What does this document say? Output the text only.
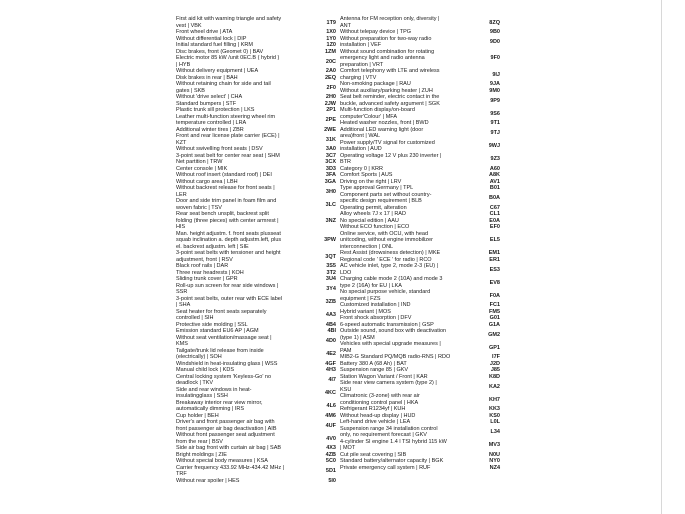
First aid kit with warning triangle and safety
vest | VBK
1T9
Front wheel drive | ATA	1X0
Without differential lock | DIP	1Y0
Initial standard fuel filling | KRM	1Z0
Disc brakes, front (Geomet 0) | BAV	1ZM
Electric motor 85 kW /unit 0EC.B ( hybrid )
| HYB
20C
Without delivery equipment | UEA	2A0
Disk brakes in rear | BAH	2EQ
Without retaining chain for side and tail
gates | SKB
2F0
Without 'drive select' | CHA	2H0
Standard bumpers | STF	2JW
Plastic trunk sill protection | LKS	2P1
Leather multi-function steering wheel rim
temperature controlled | LRA
2PE
Additional winter tires | ZBR	2WE
Front and rear license plate carrier (ECE) |
KZT
31K
Without swivelling front seats | DSV	3A0
3-point seat belt for center rear seat | SHM	3C7
Net partition | TRW	3CX
Center console | MIK	3D3
Without roof insert (standard roof) | DEI	3FA
Without cargo area | LBH	3GA
Without backrest release for front seats |
LER
3H0
Door and side trim panel in foam film and
woven fabric | TSV
3LC
Rear seat bench unsplit, backrest split
folding (three pieces) with center armrest |
HIS
3NZ
Man. height adjustm. f. front seats plusseat
squab inclination a. depth adjustm.left, plus
el. backrest adjustm. left | SIE
3PW
3-point seat belts with tensioner and height
adjustment, front | RSV
3QT
Black roof rails | DAR	3S5
Three rear headrests | KOH	3T2
Sliding trunk cover | GPR	3U4
Roll-up sun screen for rear side windows |
SSR
3Y4
3-point seat belts, outer rear with ECE label
| SHA
3ZB
Seat heater for front seats separately
controlled | SIH
4A3
Protective side molding | SSL	4B4
Emission standard EU6 AP | AGM	4BI
Without seat ventilation/massage seat |
KMS
4D0
Tailgate/trunk lid release from inside
(electrically) | SOH
4E2
Windshield in heat-insulating glass | WSS	4GF
Manual child lock | KDS	4H3
Central locking system 'Keyless-Go' no
deadlock | TKV
4I7
Side and rear windows in heat-
insulatingglass | SSH
4KC
Breakaway interior rear view mirror,
automatically dimming | IRS
4L6
Cup holder | BEH	4M6
Driver's and front passenger air bag with
front passenger air bag deactivation | AIB
4UF
Without front passenger seat adjustment
from the rear | BSV
4V0
Side air bag front with curtain air bag | SAB	4X3
Bright moldings | ZIE	4ZB
Without special body measures | KSA	5C0
Carrier frequency 433.92 MHz-434.42 MHz |
TRF
5D1
Without rear spoiler | HES	5I0
Antenna for FM reception only, diversity |
ANT
8ZQ
Without telepay device | TPG	9B0
Without preparation for two-way radio
installation | VEF
9D0
Without sound combination for rotating
emergency light and radio antenna
preparation | VRT
9F0
Comfort telephony with LTE and wireless
charging | VTV
9IJ
Non-smoking package | RAU	9JA
Without auxiliary/parking heater | ZUH	9M0
Seat belt reminder, electric contact in the
buckle, advanced safety argument | SGK
9P9
Multi-function display/on-board
computer'Colour' | MFA
9S6
Heated washer nozzles, front | BWD	9T1
Additional LED warning light (door
area)front | WAL
9TJ
Power supply/TV signal for customized
installation | AUD
9WJ
Operating voltage 12 V plus 230 inverter |
BTR
9Z3
Category 0 | KRR	A60
Comfort Sports | AUS	A8K
Driving on the right | LRV	AV1
Type approval Germany | TPL	B01
Component parts set without country-
specific design requirement | BLB
B0A
Operating permit, alteration	C67
Alloy wheels 7J x 17 | RAD	CL1
No special edition | AAU	E0A
Without ECO function | ECO	EF0
Online service, with OCU, with head
unitcoding, without engine immobilizer
interconnection | ONL
EL5
Rest Assist (drowsiness detection) | MKE	EM1
Regional code ' ECE ' for radio | RCO	ER1
AC vehicle inlet, type 2, mode 2-3 (EU) |
LDO
ES3
Charging cable mode 2 (10A) and mode 3
type 2 (16A) for EU | LKA
EV8
No special purpose vehicle, standard
equipment | FZS
F0A
Customized installation | IND	FC1
Hybrid variant | MOS	FM5
Front shock absorption | DFV	G01
6-speed automatic transmission | GSP	G1A
Outside sound, sound box with deactivation
(type 1) | ASM
GM2
Vehicles with special upgrade measures |
PAM
GP1
MIB2-G Standard PQ/MQB radio-RNS | RDO	I7F
Battery 380 A (68 Ah) | BAT	J2D
Suspension range 85 | GKV	J85
Station Wagon Variant / Front | KAR	K8D
Side rear view camera system (type 2) |
KSU
KA2
Climatronic (3-zone) with rear air
conditioning control panel | HKA
KH7
Refrigerant R1234yf | KUH	KK3
Without head-up display | HUD	KS0
Left-hand drive vehicle | LEA	L0L
Suspension range 34 installation control
only, no requirement forecast | GKV
L34
4-cylinder SI engine 1.4 l TSI hybrid 115 kW
| MOT
MV3
Cut pile seat covering | SIB	N0U
Standard battery/alternator capacity | BGK	NY0
Private emergency call system | RUF	NZ4
